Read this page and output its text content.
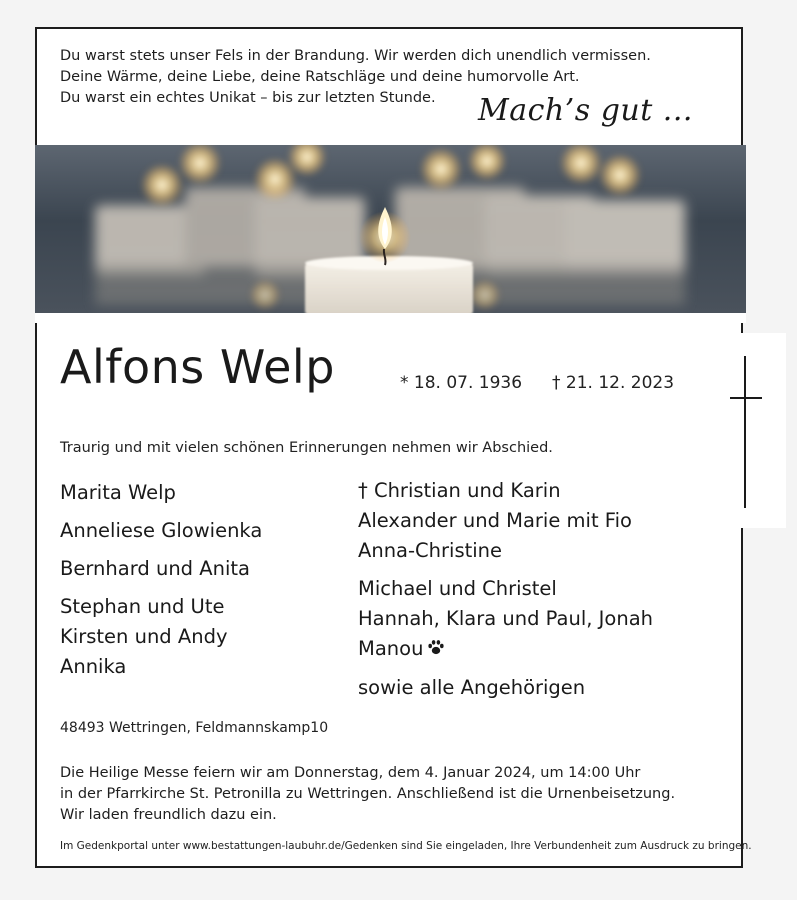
Du warst stets unser Fels in der Brandung. Wir werden dich unendlich vermissen.
Deine Wärme, deine Liebe, deine Ratschläge und deine humorvolle Art.
Du warst ein echtes Unikat – bis zur letzten Stunde.	Mach’s gut ...
Alfons Welp	* 18. 07. 1936 † 21. 12. 2023
Traurig und mit vielen schönen Erinnerungen nehmen wir Abschied.
Marita Welp
Anneliese Glowienka
Bernhard und Anita
Stephan und Ute
Kirsten und Andy
Annika
† Christian und Karin
Alexander und Marie mit Fio
Anna-Christine
Michael und Christel
Hannah, Klara und Paul, Jonah
Manou
sowie alle Angehörigen
48493 Wettringen, Feldmannskamp10
Die Heilige Messe feiern wir am Donnerstag, dem 4. Januar 2024, um 14:00 Uhr
in der Pfarrkirche St. Petronilla zu Wettringen. Anschließend ist die Urnenbeisetzung.
Wir laden freundlich dazu ein.
Im Gedenkportal unter www.bestattungen-laubuhr.de/Gedenken sind Sie eingeladen, Ihre Verbundenheit zum Ausdruck zu bringen.
